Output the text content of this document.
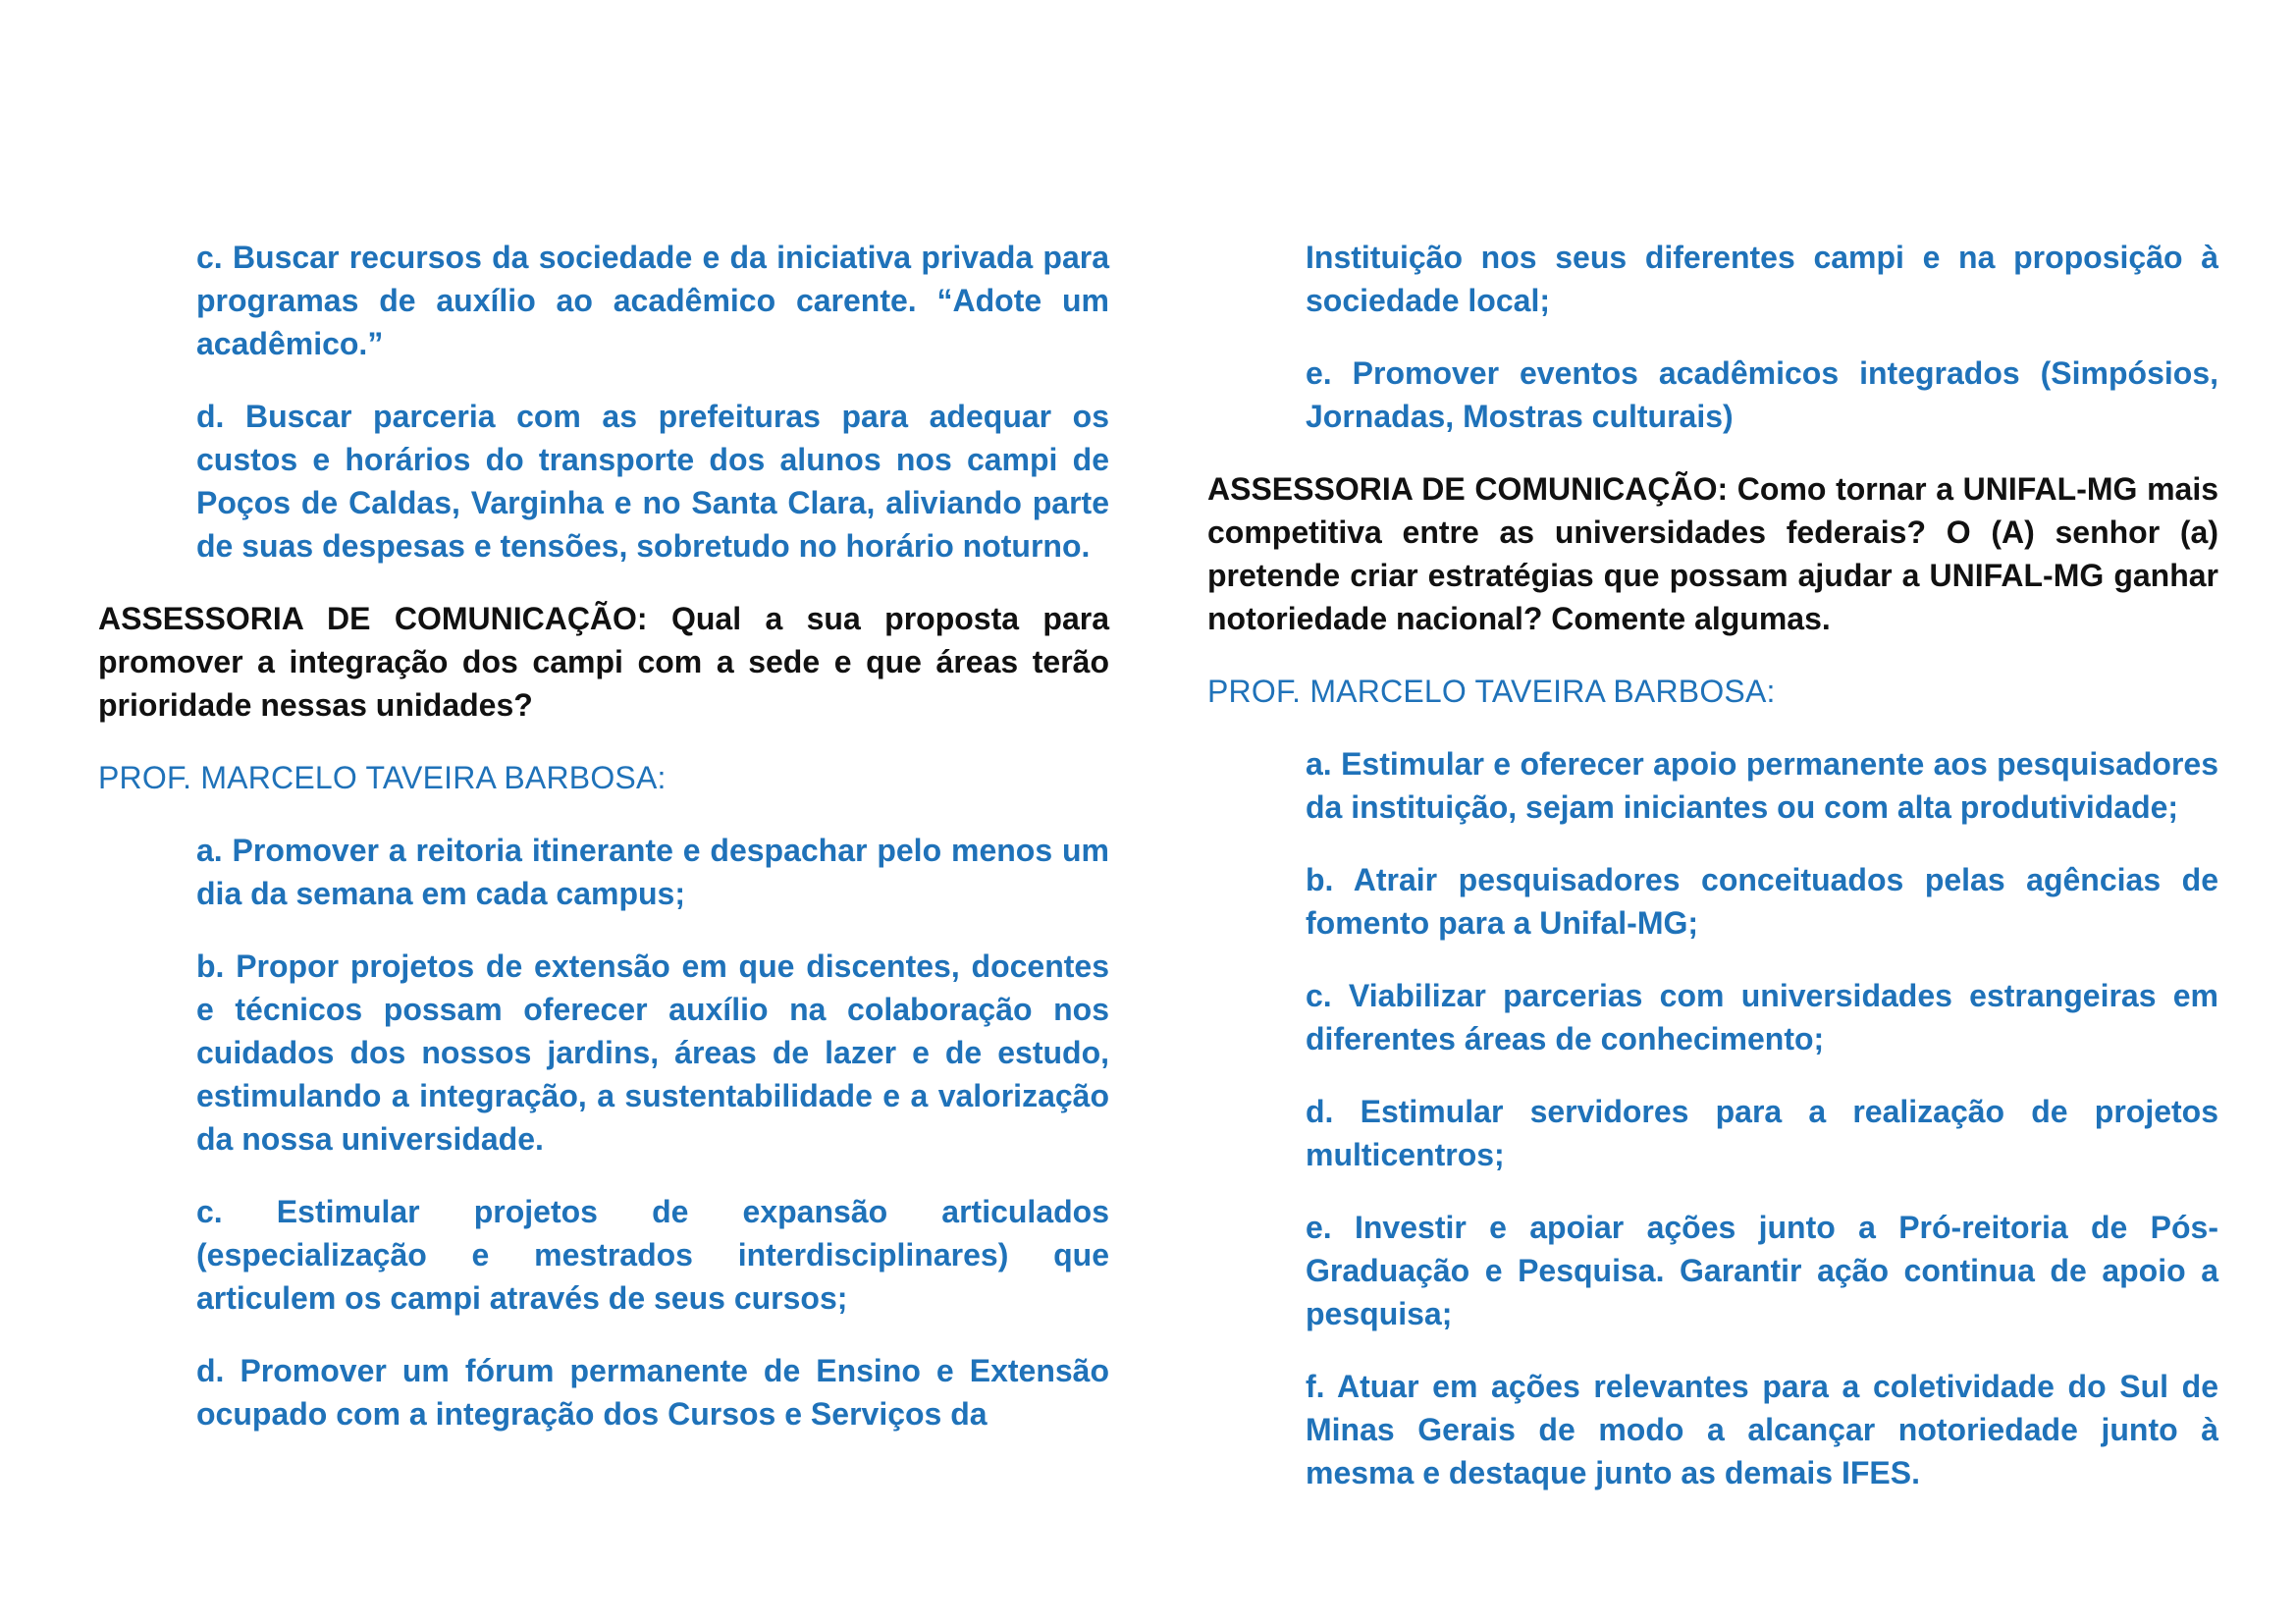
c. Buscar recursos da sociedade e da iniciativa privada para programas de auxílio ao acadêmico carente. “Adote um acadêmico.”

d. Buscar parceria com as prefeituras para adequar os custos e horários do transporte dos alunos nos campi de Poços de Caldas, Varginha e no Santa Clara, aliviando parte de suas despesas e tensões, sobretudo no horário noturno.

ASSESSORIA DE COMUNICAÇÃO: Qual a sua proposta para promover a integração dos campi com a sede e que áreas terão prioridade nessas unidades?

PROF. MARCELO TAVEIRA BARBOSA:

a. Promover a reitoria itinerante e despachar pelo menos um dia da semana em cada campus;

b. Propor projetos de extensão em que discentes, docentes e técnicos possam oferecer auxílio na colaboração nos cuidados dos nossos jardins, áreas de lazer e de estudo, estimulando a integração, a sustentabilidade e a valorização da nossa universidade.

c. Estimular projetos de expansão articulados (especialização e mestrados interdisciplinares) que articulem os campi através de seus cursos;

d. Promover um fórum permanente de Ensino e Extensão ocupado com a integração dos Cursos e Serviços da

Instituição nos seus diferentes campi e na proposição à sociedade local;

e. Promover eventos acadêmicos integrados (Simpósios, Jornadas, Mostras culturais)

ASSESSORIA DE COMUNICAÇÃO: Como tornar a UNIFAL-MG mais competitiva entre as universidades federais? O (A) senhor (a) pretende criar estratégias que possam ajudar a UNIFAL-MG ganhar notoriedade nacional? Comente algumas.

PROF. MARCELO TAVEIRA BARBOSA:

a. Estimular e oferecer apoio permanente aos pesquisadores da instituição, sejam iniciantes ou com alta produtividade;

b. Atrair pesquisadores conceituados pelas agências de fomento para a Unifal-MG;

c. Viabilizar parcerias com universidades estrangeiras em diferentes áreas de conhecimento;

d. Estimular servidores para a realização de projetos multicentros;

e. Investir e apoiar ações junto a Pró-reitoria de Pós-Graduação e Pesquisa. Garantir ação continua de apoio a pesquisa;

f. Atuar em ações relevantes para a coletividade do Sul de Minas Gerais de modo a alcançar notoriedade junto à mesma e destaque junto as demais IFES.
